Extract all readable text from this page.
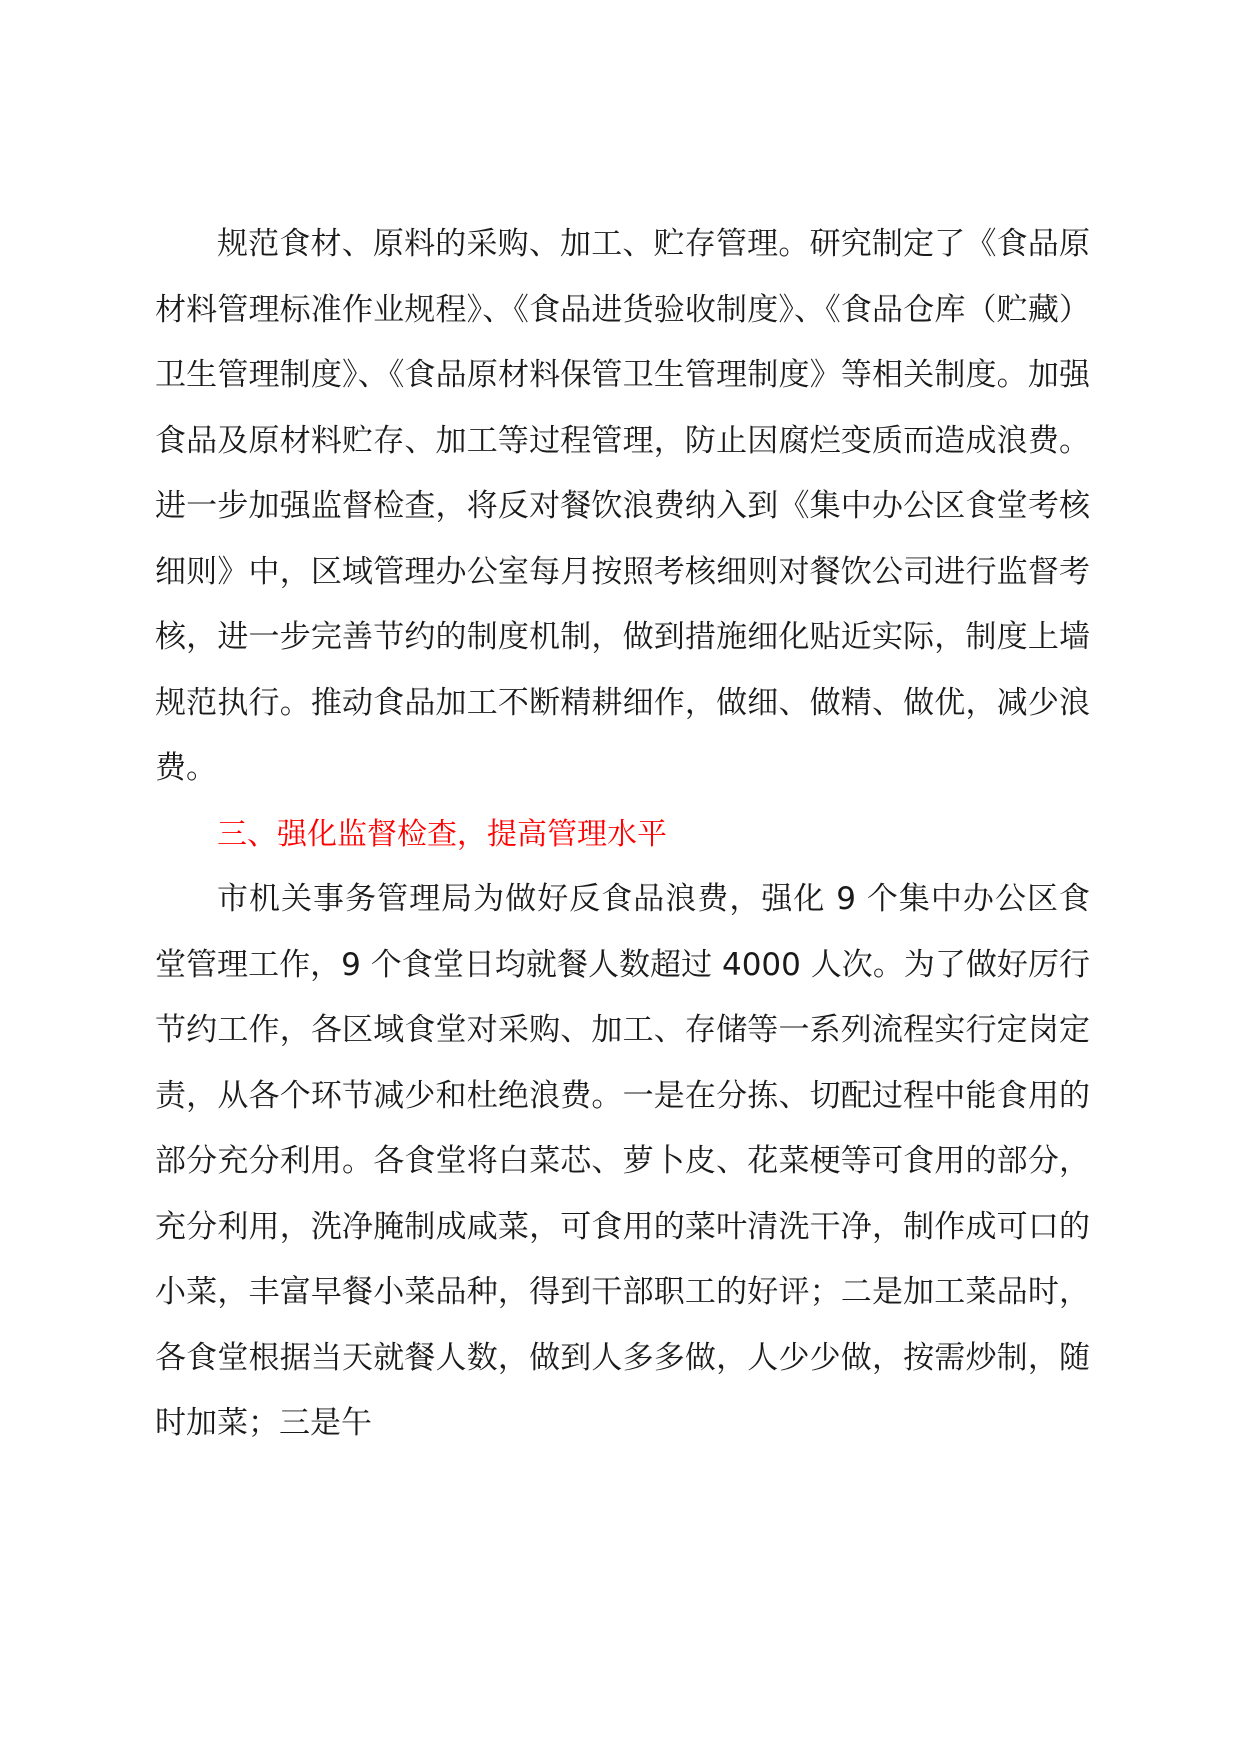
规范食材、原料的采购、加工、贮存管理。研究制定了《食品原材料管理标准作业规程》、《食品进货验收制度》、《食品仓库（贮藏）卫生管理制度》、《食品原材料保管卫生管理制度》等相关制度。加强食品及原材料贮存、加工等过程管理，防止因腐烂变质而造成浪费。进一步加强监督检查，将反对餐饮浪费纳入到《集中办公区食堂考核细则》中，区域管理办公室每月按照考核细则对餐饮公司进行监督考核，进一步完善节约的制度机制，做到措施细化贴近实际，制度上墙规范执行。推动食品加工不断精耕细作，做细、做精、做优，减少浪费。

三、强化监督检查，提高管理水平

市机关事务管理局为做好反食品浪费，强化 9 个集中办公区食堂管理工作，9 个食堂日均就餐人数超过 4000 人次。为了做好厉行节约工作，各区域食堂对采购、加工、存储等一系列流程实行定岗定责，从各个环节减少和杜绝浪费。一是在分拣、切配过程中能食用的部分充分利用。各食堂将白菜芯、萝卜皮、花菜梗等可食用的部分，充分利用，洗净腌制成咸菜，可食用的菜叶清洗干净，制作成可口的小菜，丰富早餐小菜品种，得到干部职工的好评；二是加工菜品时，各食堂根据当天就餐人数，做到人多多做，人少少做，按需炒制，随时加菜；三是午
